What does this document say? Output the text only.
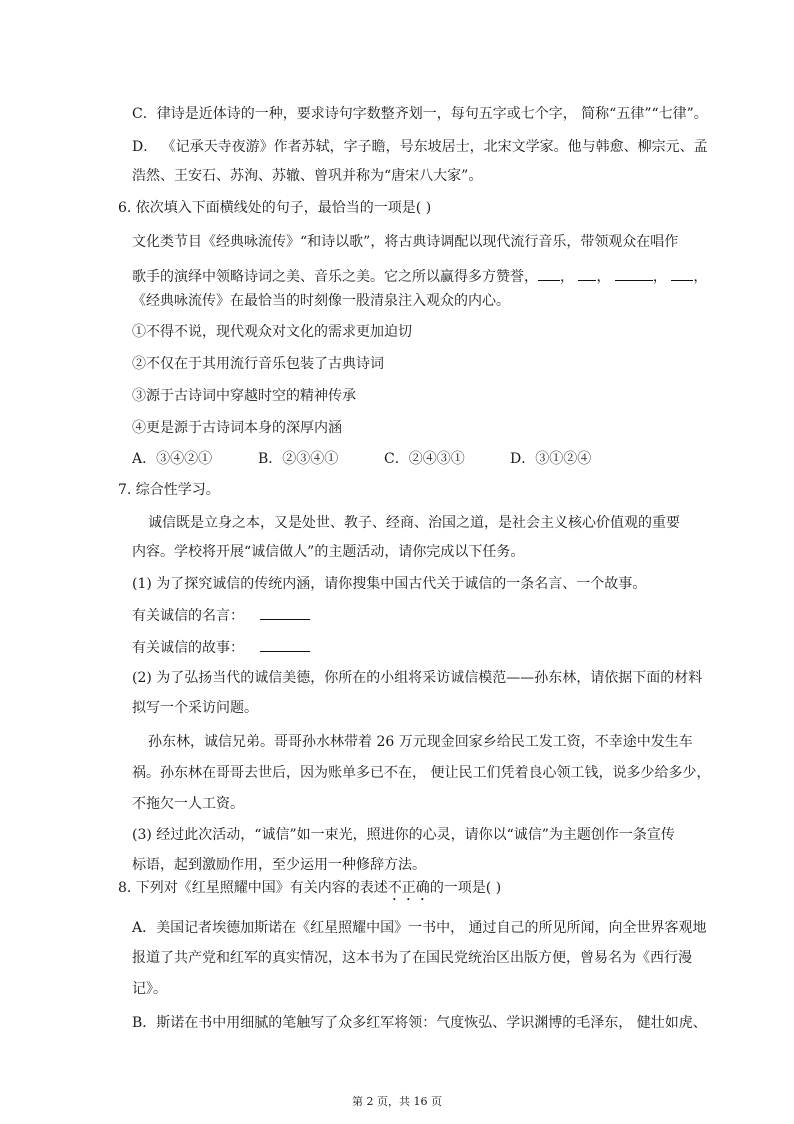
C．律诗是近体诗的一种，要求诗句字数整齐划一，每句五字或七个字， 简称“五律”“七律”。
D． 《记承天寺夜游》作者苏轼，字子瞻，号东坡居士，北宋文学家。他与韩愈、柳宗元、孟
浩然、王安石、苏洵、苏辙、曾巩并称为“唐宋八大家”。
6. 依次填入下面横线处的句子，最恰当的一项是( )
文化类节目《经典咏流传》“和诗以歌”，将古典诗调配以现代流行音乐，带领观众在唱作
歌手的演绎中领略诗词之美、音乐之美。它之所以赢得多方赞誉， ， ，	， ，
《经典咏流传》在最恰当的时刻像一股清泉注入观众的内心。
①不得不说，现代观众对文化的需求更加迫切
②不仅在于其用流行音乐包装了古典诗词
③源于古诗词中穿越时空的精神传承
④更是源于古诗词本身的深厚内涵
A．③④②①	B．②③④①	C．②④③①	D．③①②④
7. 综合性学习。
诚信既是立身之本，又是处世、教子、经商、治国之道，是社会主义核心价值观的重要
内容。学校将开展“诚信做人”的主题活动，请你完成以下任务。
(1) 为了探究诚信的传统内涵，请你搜集中国古代关于诚信的一条名言、一个故事。
有关诚信的名言：
有关诚信的故事：
(2) 为了弘扬当代的诚信美德，你所在的小组将采访诚信模范——孙东林，请依据下面的材料
拟写一个采访问题。
孙东林，诚信兄弟。哥哥孙水林带着 26 万元现金回家乡给民工发工资，不幸途中发生车
祸。孙东林在哥哥去世后，因为账单多已不在， 便让民工们凭着良心领工钱，说多少给多少，
不拖欠一人工资。
(3) 经过此次活动，“诚信”如一束光，照进你的心灵，请你以“诚信”为主题创作一条宣传
标语，起到激励作用，至少运用一种修辞方法。
8. 下列对《红星照耀中国》有关内容的表述不正确的一项是( )
A．美国记者埃德加斯诺在《红星照耀中国》一书中， 通过自己的所见所闻，向全世界客观地
报道了共产党和红军的真实情况，这本书为了在国民党统治区出版方便，曾易名为《西行漫
记》。
B．斯诺在书中用细腻的笔触写了众多红军将领：气度恢弘、学识渊博的毛泽东， 健壮如虎、
第 2 页，共 16 页
